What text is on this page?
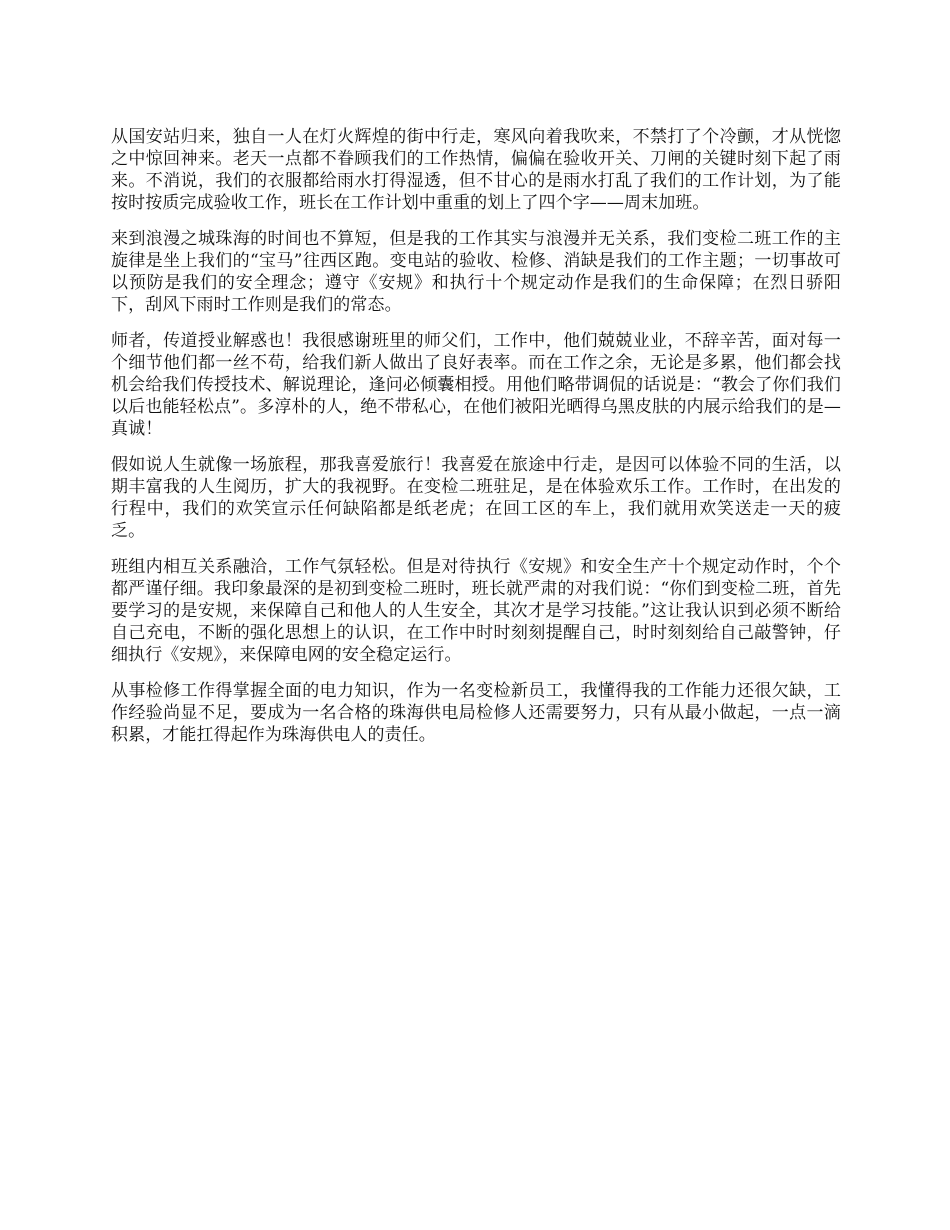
从国安站归来，独自一人在灯火辉煌的街中行走，寒风向着我吹来，不禁打了个冷颤，才从恍惚之中惊回神来。老天一点都不眷顾我们的工作热情，偏偏在验收开关、刀闸的关键时刻下起了雨来。不消说，我们的衣服都给雨水打得湿透，但不甘心的是雨水打乱了我们的工作计划，为了能按时按质完成验收工作，班长在工作计划中重重的划上了四个字——周末加班。

来到浪漫之城珠海的时间也不算短，但是我的工作其实与浪漫并无关系，我们变检二班工作的主旋律是坐上我们的“宝马”往西区跑。变电站的验收、检修、消缺是我们的工作主题；一切事故可以预防是我们的安全理念；遵守《安规》和执行十个规定动作是我们的生命保障；在烈日骄阳下，刮风下雨时工作则是我们的常态。

师者，传道授业解惑也！我很感谢班里的师父们，工作中，他们兢兢业业，不辞辛苦，面对每一个细节他们都一丝不苟，给我们新人做出了良好表率。而在工作之余，无论是多累，他们都会找机会给我们传授技术、解说理论，逢问必倾囊相授。用他们略带调侃的话说是：“教会了你们我们以后也能轻松点”。多淳朴的人，绝不带私心，在他们被阳光晒得乌黑皮肤的内展示给我们的是—真诚！

假如说人生就像一场旅程，那我喜爱旅行！我喜爱在旅途中行走，是因可以体验不同的生活，以期丰富我的人生阅历，扩大的我视野。在变检二班驻足，是在体验欢乐工作。工作时，在出发的行程中，我们的欢笑宣示任何缺陷都是纸老虎；在回工区的车上，我们就用欢笑送走一天的疲乏。

班组内相互关系融洽，工作气氛轻松。但是对待执行《安规》和安全生产十个规定动作时，个个都严谨仔细。我印象最深的是初到变检二班时，班长就严肃的对我们说：“你们到变检二班，首先要学习的是安规，来保障自己和他人的人生安全，其次才是学习技能。”这让我认识到必须不断给自己充电，不断的强化思想上的认识，在工作中时时刻刻提醒自己，时时刻刻给自己敲警钟，仔细执行《安规》，来保障电网的安全稳定运行。

从事检修工作得掌握全面的电力知识，作为一名变检新员工，我懂得我的工作能力还很欠缺，工作经验尚显不足，要成为一名合格的珠海供电局检修人还需要努力，只有从最小做起，一点一滴积累，才能扛得起作为珠海供电人的责任。
